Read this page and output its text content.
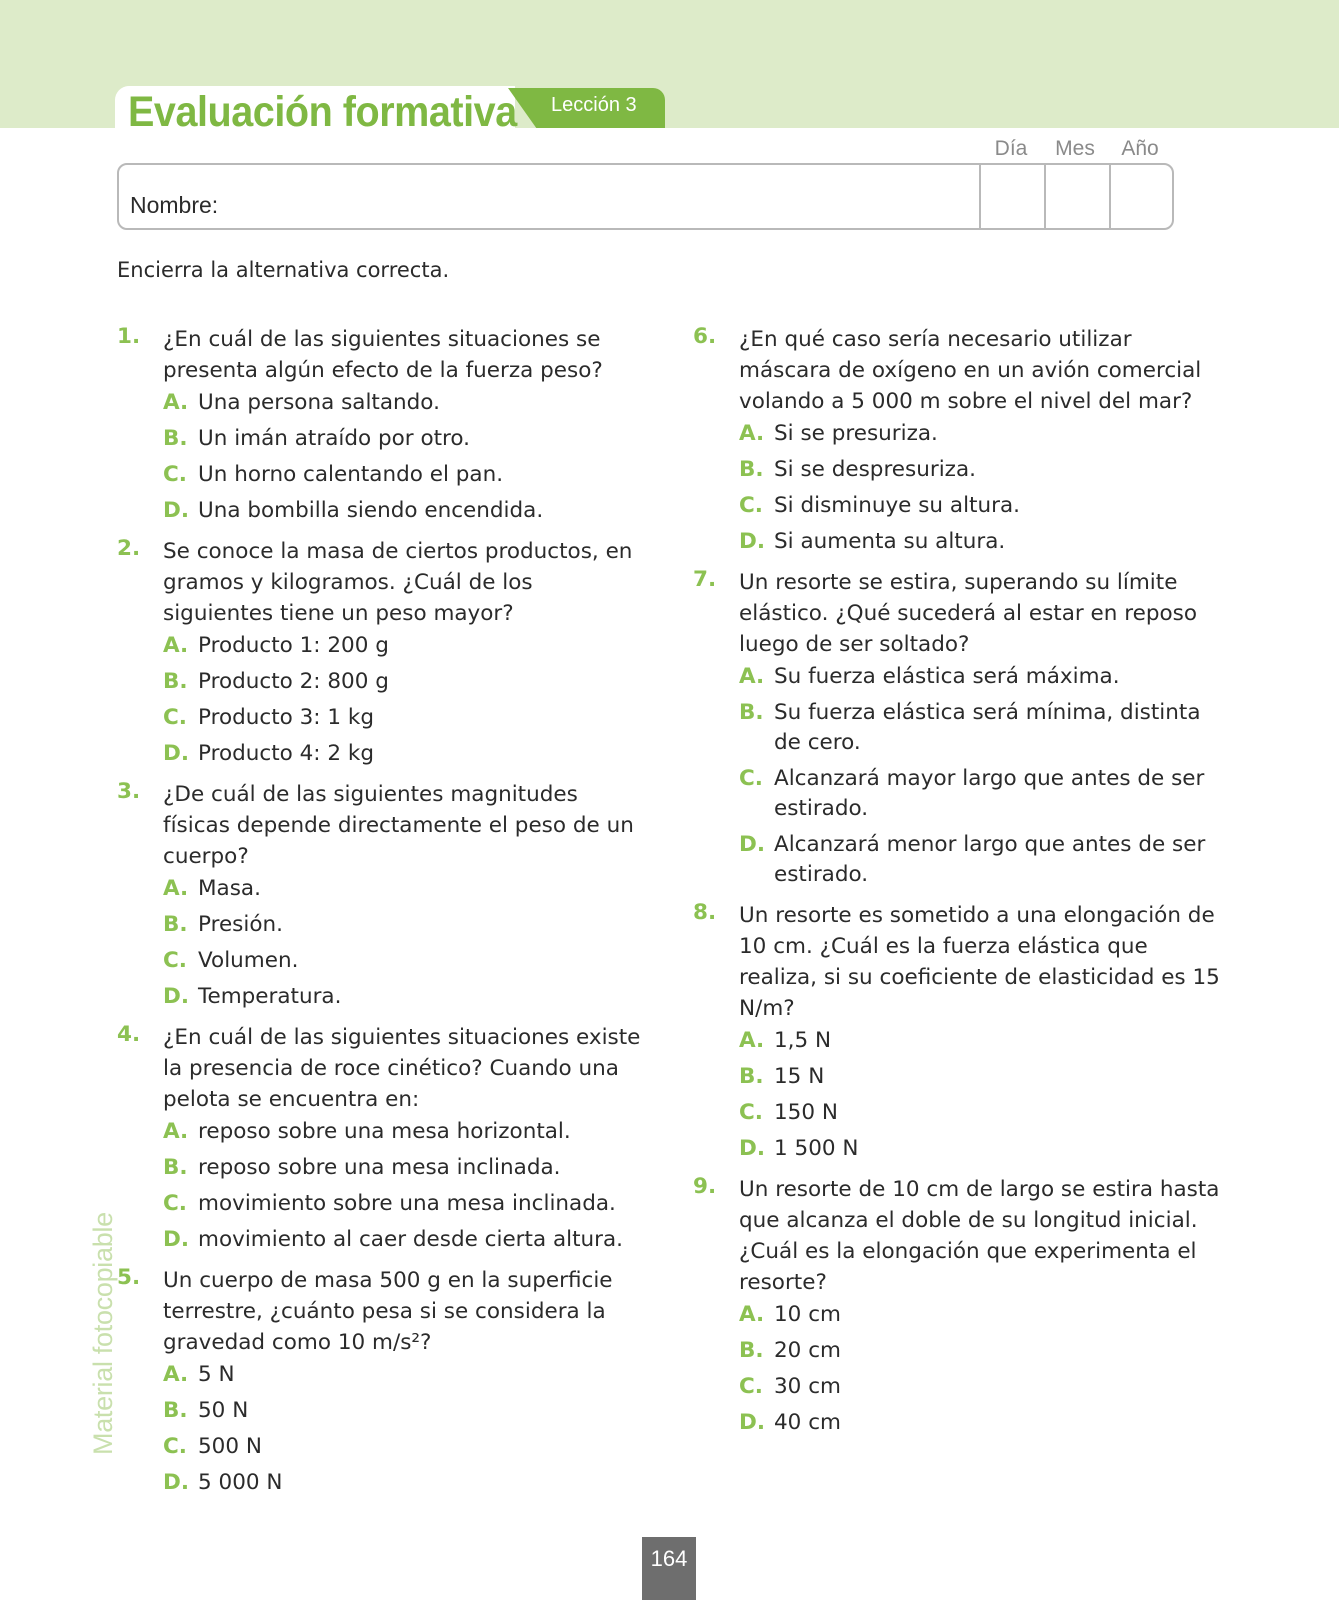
Evaluación formativa Lección 3
Día	Mes	Año
Nombre:
Encierra la alternativa correcta.
1. ¿En cuál de las siguientes situaciones se presenta algún efecto de la fuerza peso?
A. Una persona saltando.
B. Un imán atraído por otro.
C. Un horno calentando el pan.
D. Una bombilla siendo encendida.
2. Se conoce la masa de ciertos productos, en gramos y kilogramos. ¿Cuál de los siguientes tiene un peso mayor?
A. Producto 1: 200 g
B. Producto 2: 800 g
C. Producto 3: 1 kg
D. Producto 4: 2 kg
3. ¿De cuál de las siguientes magnitudes físicas depende directamente el peso de un cuerpo?
A. Masa.
B. Presión.
C. Volumen.
D. Temperatura.
4. ¿En cuál de las siguientes situaciones existe la presencia de roce cinético? Cuando una pelota se encuentra en:
A. reposo sobre una mesa horizontal.
B. reposo sobre una mesa inclinada.
C. movimiento sobre una mesa inclinada.
D. movimiento al caer desde cierta altura.
5. Un cuerpo de masa 500 g en la superficie terrestre, ¿cuánto pesa si se considera la gravedad como 10 m/s²?
A. 5 N
B. 50 N
C. 500 N
D. 5 000 N
6. ¿En qué caso sería necesario utilizar máscara de oxígeno en un avión comercial volando a 5 000 m sobre el nivel del mar?
A. Si se presuriza.
B. Si se despresuriza.
C. Si disminuye su altura.
D. Si aumenta su altura.
7. Un resorte se estira, superando su límite elástico. ¿Qué sucederá al estar en reposo luego de ser soltado?
A. Su fuerza elástica será máxima.
B. Su fuerza elástica será mínima, distinta de cero.
C. Alcanzará mayor largo que antes de ser estirado.
D. Alcanzará menor largo que antes de ser estirado.
8. Un resorte es sometido a una elongación de 10 cm. ¿Cuál es la fuerza elástica que realiza, si su coeficiente de elasticidad es 15 N/m?
A. 1,5 N
B. 15 N
C. 150 N
D. 1 500 N
9. Un resorte de 10 cm de largo se estira hasta que alcanza el doble de su longitud inicial. ¿Cuál es la elongación que experimenta el resorte?
A. 10 cm
B. 20 cm
C. 30 cm
D. 40 cm
Material fotocopiable
164
